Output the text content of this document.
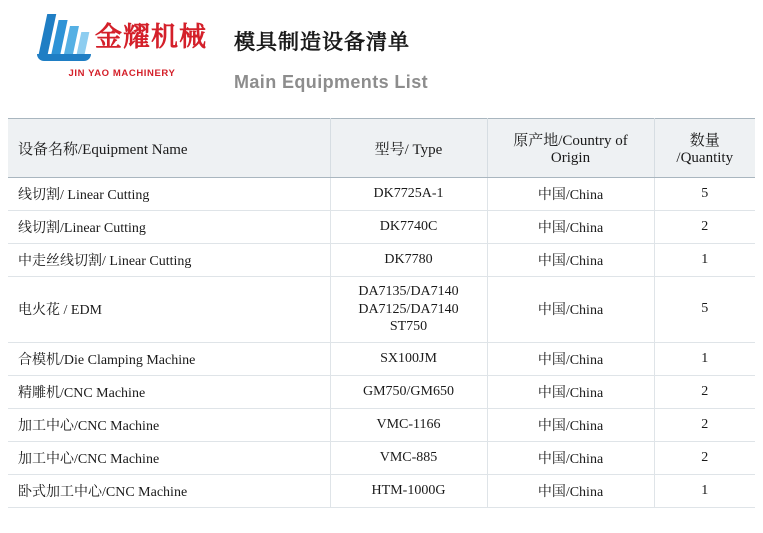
金耀机械
JIN YAO MACHINERY
模具制造设备清单
Main Equipments List
设备名称/Equipment Name	型号/ Type	原产地/Country of Origin	数量 /Quantity
线切割/ Linear Cutting	DK7725A-1	中国/China	5
线切割/Linear Cutting	DK7740C	中国/China	2
中走丝线切割/ Linear Cutting	DK7780	中国/China	1
电火花 / EDM	DA7135/DA7140
DA7125/DA7140
ST750	中国/China	5
合模机/Die Clamping Machine	SX100JM	中国/China	1
精雕机/CNC Machine	GM750/GM650	中国/China	2
加工中心/CNC Machine	VMC-1166	中国/China	2
加工中心/CNC Machine	VMC-885	中国/China	2
卧式加工中心/CNC Machine	HTM-1000G	中国/China	1
